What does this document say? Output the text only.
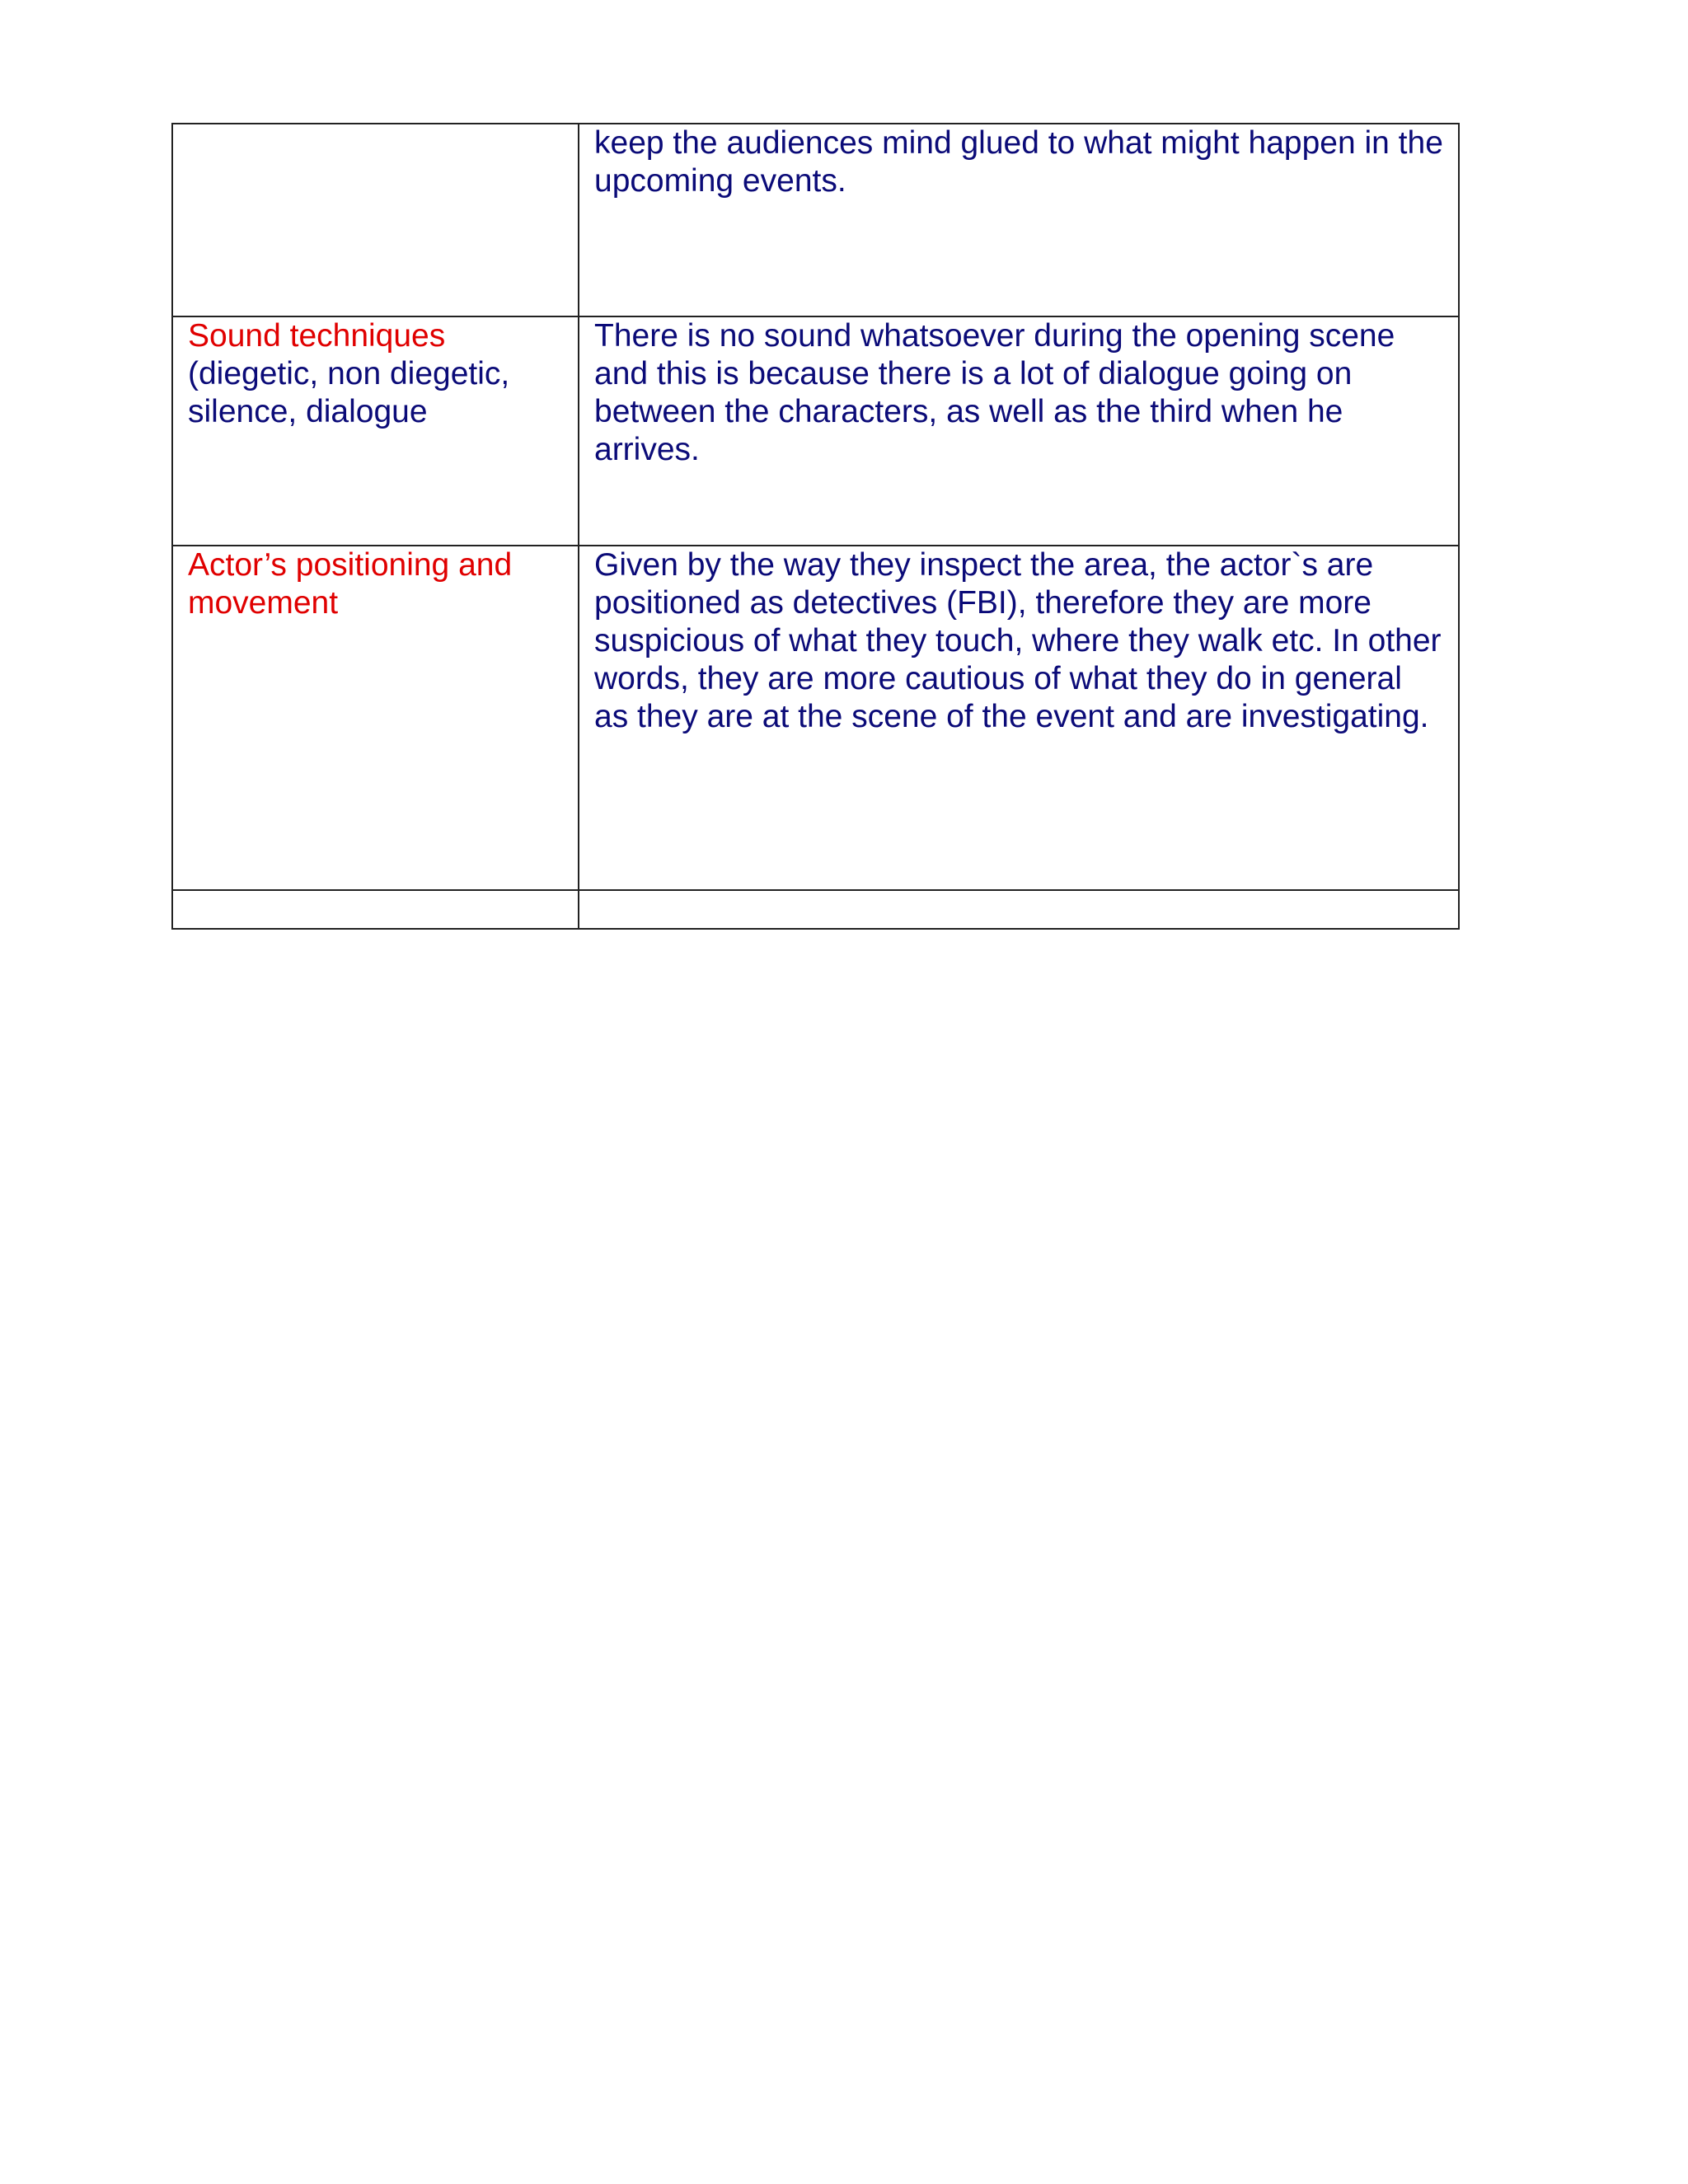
	keep the audiences mind glued to what might happen in the upcoming events.

Sound techniques
(diegetic, non diegetic, silence, dialogue	There is no sound whatsoever during the opening scene and this is because there is a lot of dialogue going on between the characters, as well as the third when he arrives.

Actor’s positioning and movement	Given by the way they inspect the area, the actor`s are positioned as detectives (FBI), therefore they are more suspicious of what they touch, where they walk etc. In other words, they are more cautious of what they do in general as they are at the scene of the event and are investigating.
